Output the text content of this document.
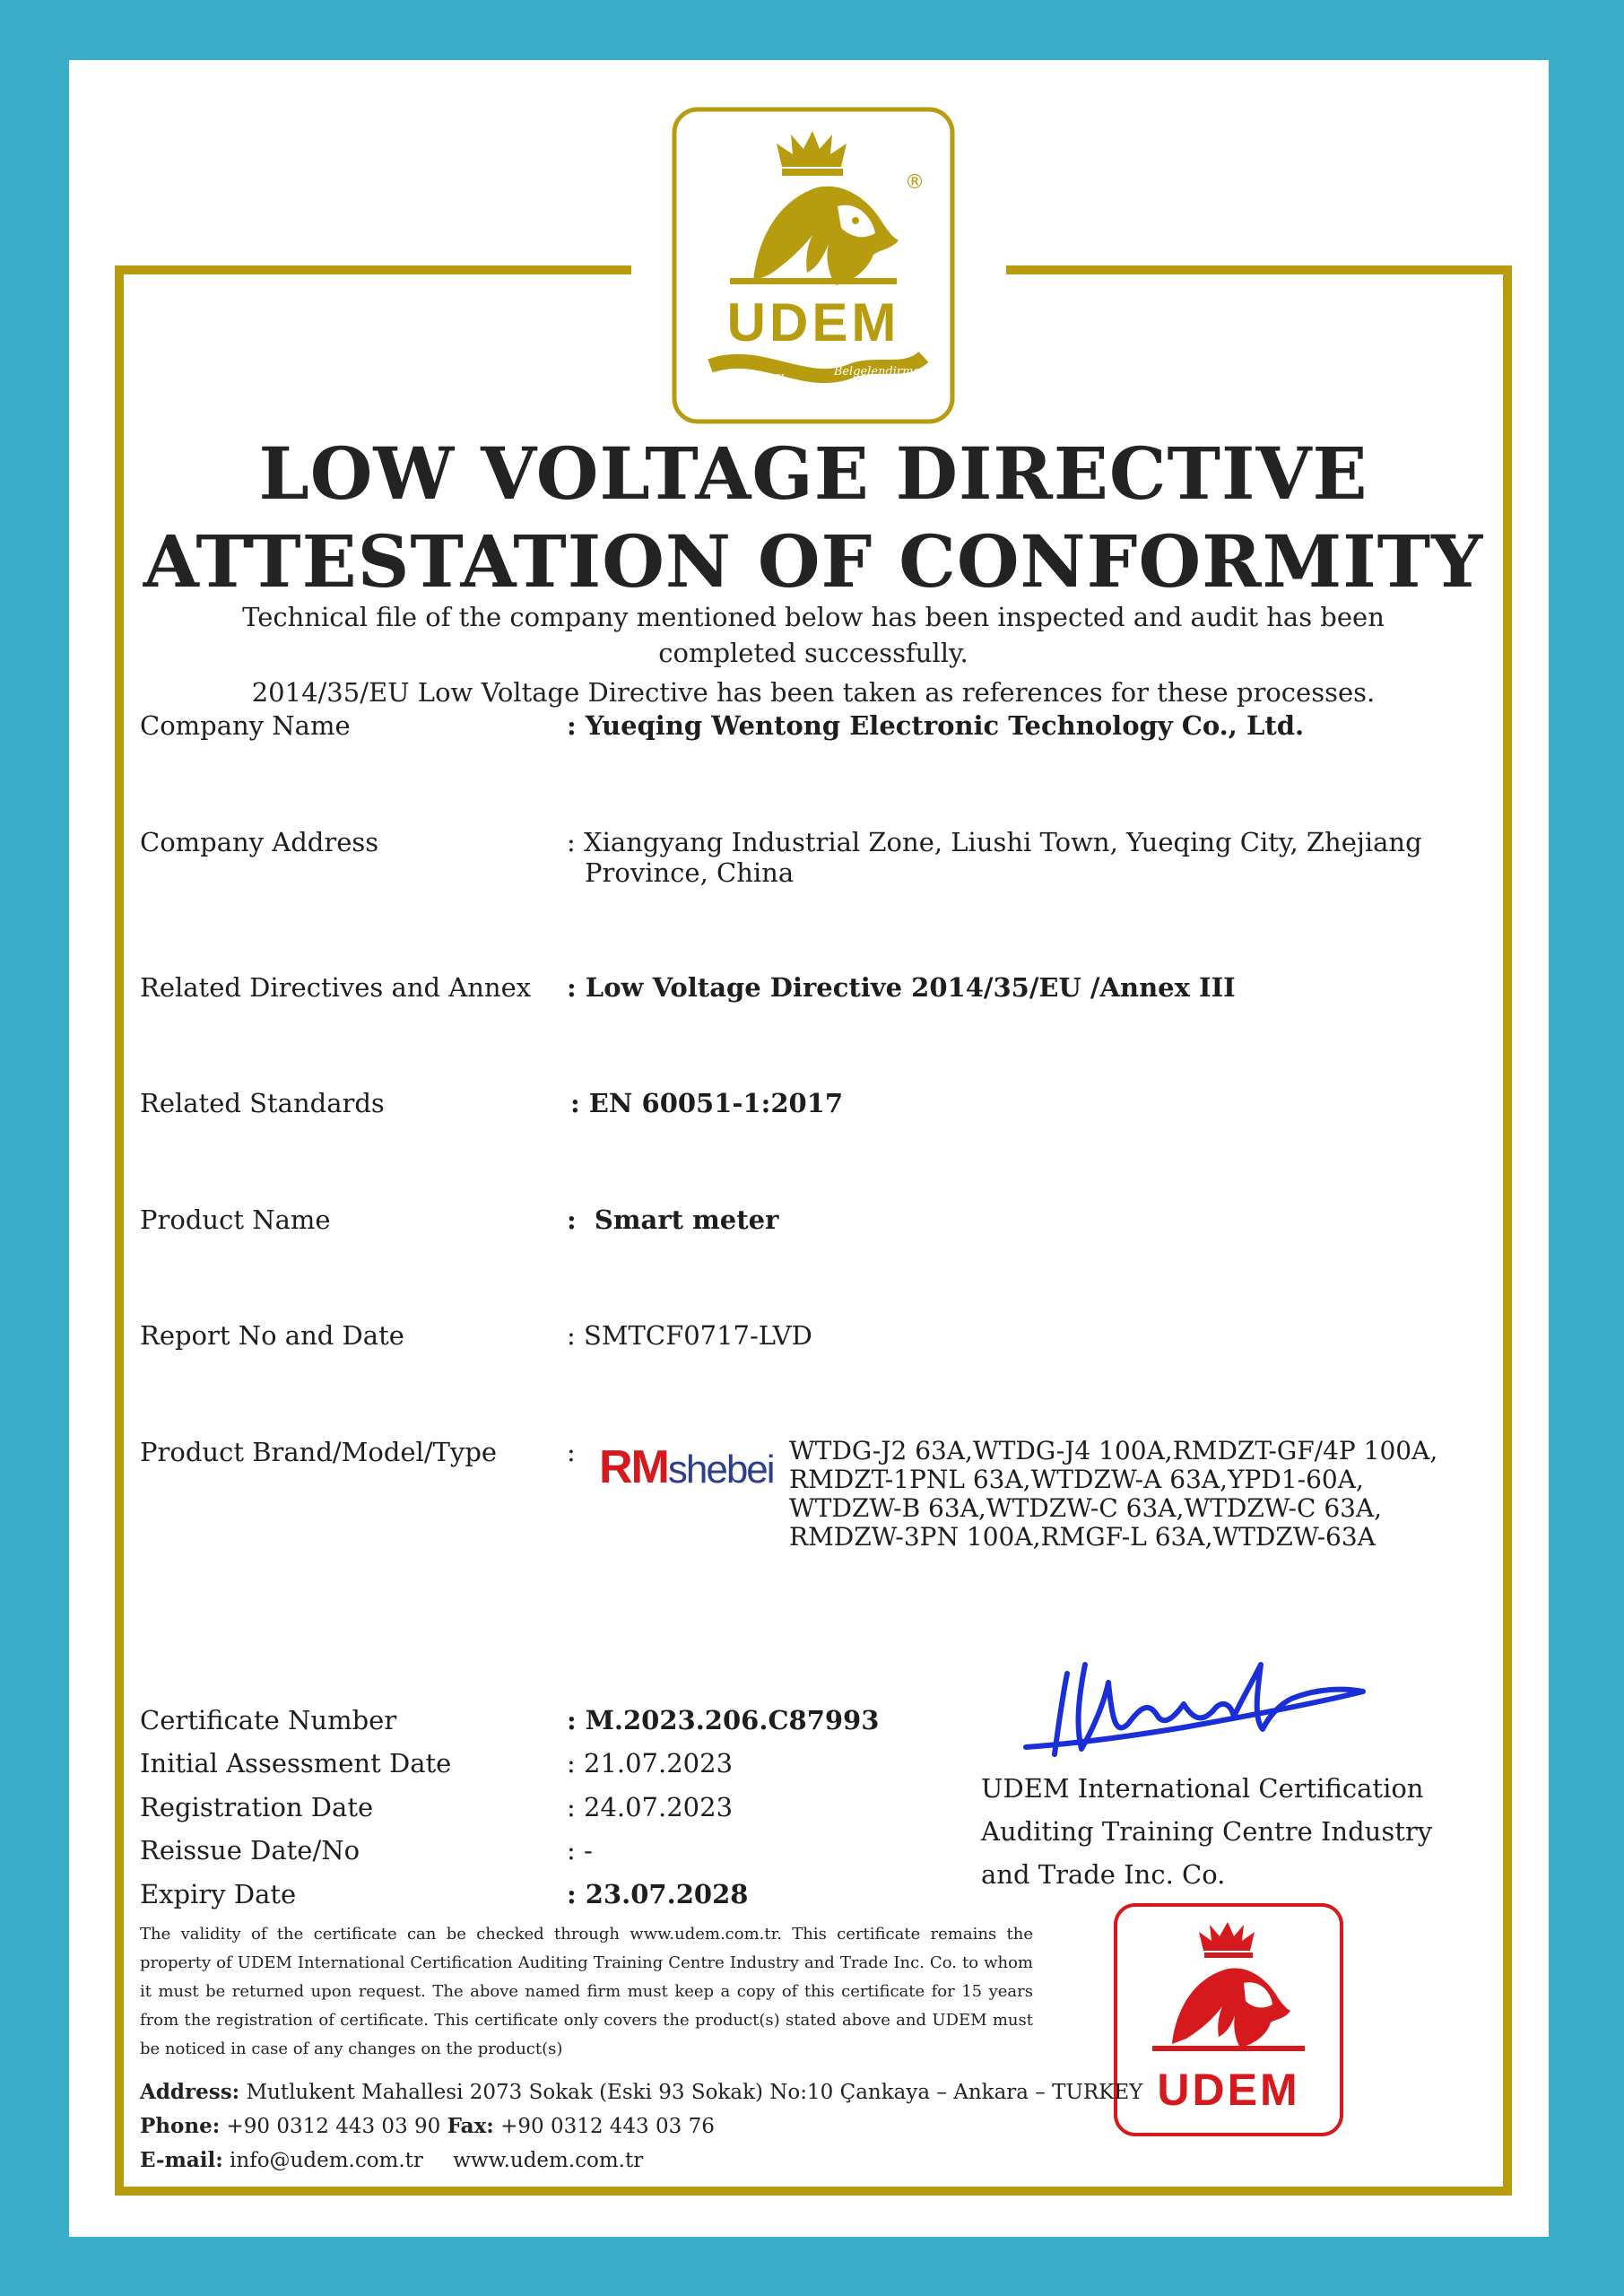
UDEM
Uluslararası	Belgelendirme
®
LOW VOLTAGE DIRECTIVE
ATTESTATION OF CONFORMITY
Technical file of the company mentioned below has been inspected and audit has been
completed successfully.
2014/35/EU Low Voltage Directive has been taken as references for these processes.
Company Name	: Yueqing Wentong Electronic Technology Co., Ltd.
Company Address	: Xiangyang Industrial Zone, Liushi Town, Yueqing City, Zhejiang
Province, China
Related Directives and Annex : Low Voltage Directive 2014/35/EU /Annex III
Related Standards	: EN 60051-1:2017
Product Name	:  Smart meter
Report No and Date	: SMTCF0717-LVD
Product Brand/Model/Type	: RMshebei WTDG-J2 63A,WTDG-J4 100A,RMDZT-GF/4P 100A,
RMDZT-1PNL 63A,WTDZW-A 63A,YPD1-60A,
WTDZW-B 63A,WTDZW-C 63A,WTDZW-C 63A,
RMDZW-3PN 100A,RMGF-L 63A,WTDZW-63A
Certificate Number	: M.2023.206.C87993
Initial Assessment Date	: 21.07.2023
Registration Date	: 24.07.2023
Reissue Date/No	: -
Expiry Date	: 23.07.2028
UDEM International Certification
Auditing Training Centre Industry
and Trade Inc. Co.
UDEM
The validity of the certificate can be checked through www.udem.com.tr. This certificate remains the property of UDEM International Certification Auditing Training Centre Industry and Trade Inc. Co. to whom it must be returned upon request. The above named firm must keep a copy of this certificate for 15 years from the registration of certificate. This certificate only covers the product(s) stated above and UDEM must be noticed in case of any changes on the product(s)
Address: Mutlukent Mahallesi 2073 Sokak (Eski 93 Sokak) No:10 Çankaya – Ankara – TURKEY
Phone: +90 0312 443 03 90 Fax: +90 0312 443 03 76
E-mail: info@udem.com.tr www.udem.com.tr
